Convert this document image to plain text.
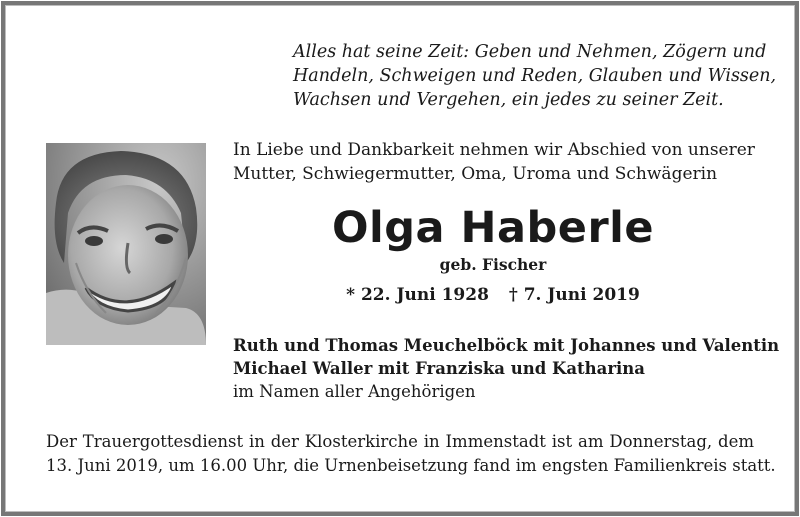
Alles hat seine Zeit: Geben und Nehmen, Zögern und
Handeln, Schweigen und Reden, Glauben und Wissen,
Wachsen und Vergehen, ein jedes zu seiner Zeit.
In Liebe und Dankbarkeit nehmen wir Abschied von unserer
Mutter, Schwiegermutter, Oma, Uroma und Schwägerin
Olga Haberle
geb. Fischer
* 22. Juni 1928 † 7. Juni 2019
Ruth und Thomas Meuchelböck mit Johannes und Valentin
Michael Waller mit Franziska und Katharina
im Namen aller Angehörigen
Der Trauergottesdienst in der Klosterkirche in Immenstadt ist am Donnerstag, dem
13. Juni 2019, um 16.00 Uhr, die Urnenbeisetzung fand im engsten Familienkreis statt.
